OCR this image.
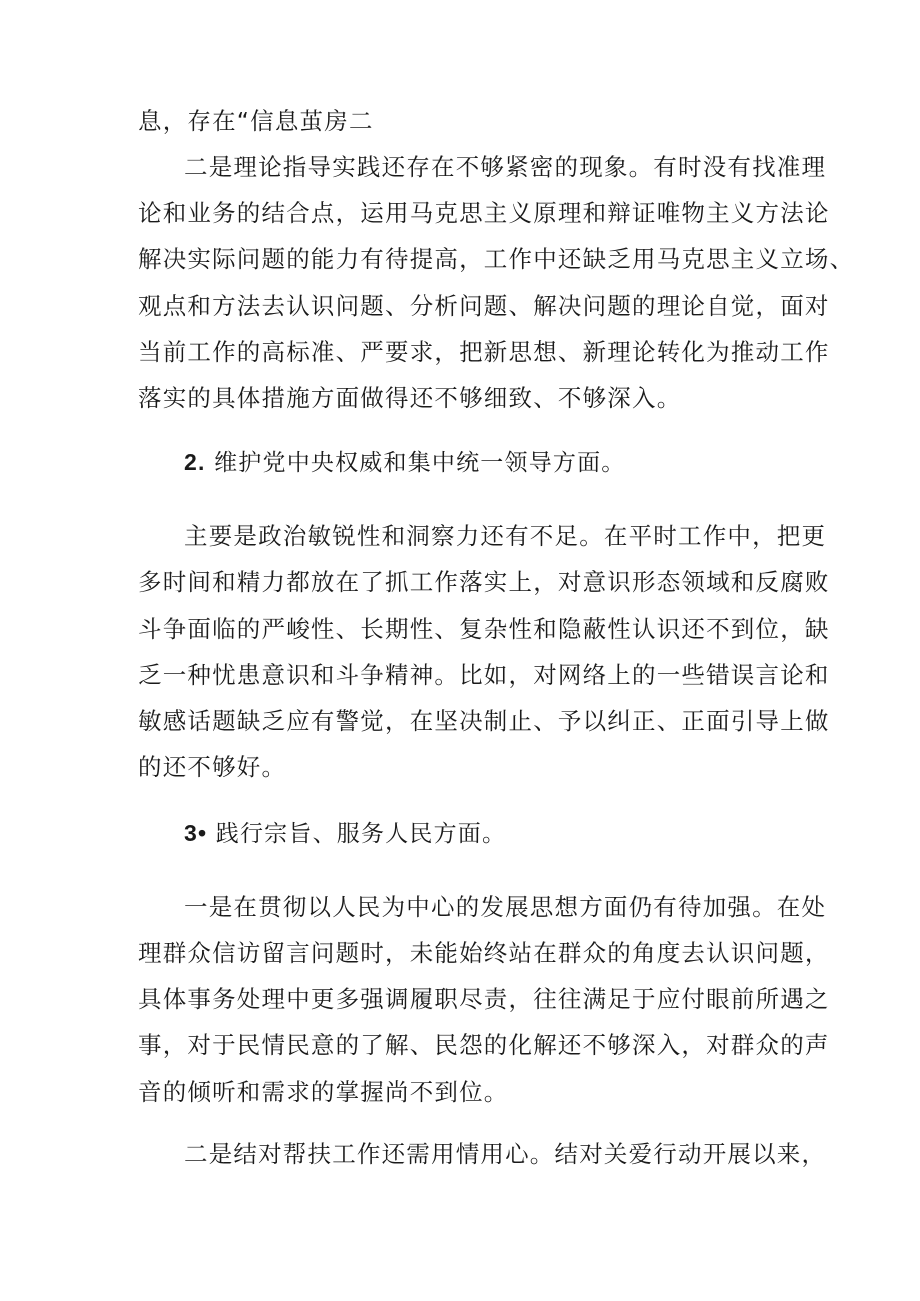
息，存在“信息茧房二
二是理论指导实践还存在不够紧密的现象。有时没有找准理
论和业务的结合点，运用马克思主义原理和辩证唯物主义方法论
解决实际问题的能力有待提高，工作中还缺乏用马克思主义立场、
观点和方法去认识问题、分析问题、解决问题的理论自觉，面对
当前工作的高标准、严要求，把新思想、新理论转化为推动工作
落实的具体措施方面做得还不够细致、不够深入。
2. 维护党中央权威和集中统一领导方面。
主要是政治敏锐性和洞察力还有不足。在平时工作中，把更
多时间和精力都放在了抓工作落实上，对意识形态领域和反腐败
斗争面临的严峻性、长期性、复杂性和隐蔽性认识还不到位，缺
乏一种忧患意识和斗争精神。比如，对网络上的一些错误言论和
敏感话题缺乏应有警觉，在坚决制止、予以纠正、正面引导上做
的还不够好。
3• 践行宗旨、服务人民方面。
一是在贯彻以人民为中心的发展思想方面仍有待加强。在处
理群众信访留言问题时，未能始终站在群众的角度去认识问题，
具体事务处理中更多强调履职尽责，往往满足于应付眼前所遇之
事，对于民情民意的了解、民怨的化解还不够深入，对群众的声
音的倾听和需求的掌握尚不到位。
二是结对帮扶工作还需用情用心。结对关爱行动开展以来，
